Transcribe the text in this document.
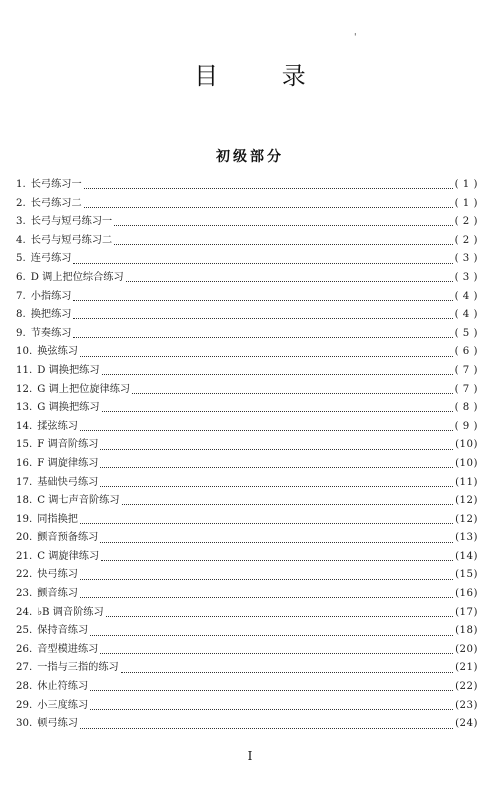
'
目 录
初级部分
1. 长弓练习一	( 1 )
2. 长弓练习二	( 1 )
3. 长弓与短弓练习一	( 2 )
4. 长弓与短弓练习二	( 2 )
5. 连弓练习	( 3 )
6. D 调上把位综合练习	( 3 )
7. 小指练习	( 4 )
8. 换把练习	( 4 )
9. 节奏练习	( 5 )
10. 换弦练习	( 6 )
11. D 调换把练习	( 7 )
12. G 调上把位旋律练习	( 7 )
13. G 调换把练习	( 8 )
14. 揉弦练习	( 9 )
15. F 调音阶练习	(10)
16. F 调旋律练习	(10)
17. 基础快弓练习	(11)
18. C 调七声音阶练习	(12)
19. 同指换把	(12)
20. 颤音预备练习	(13)
21. C 调旋律练习	(14)
22. 快弓练习	(15)
23. 颤音练习	(16)
24. ♭B 调音阶练习	(17)
25. 保持音练习	(18)
26. 音型模进练习	(20)
27. 一指与三指的练习	(21)
28. 休止符练习	(22)
29. 小三度练习	(23)
30. 顿弓练习	(24)
I
